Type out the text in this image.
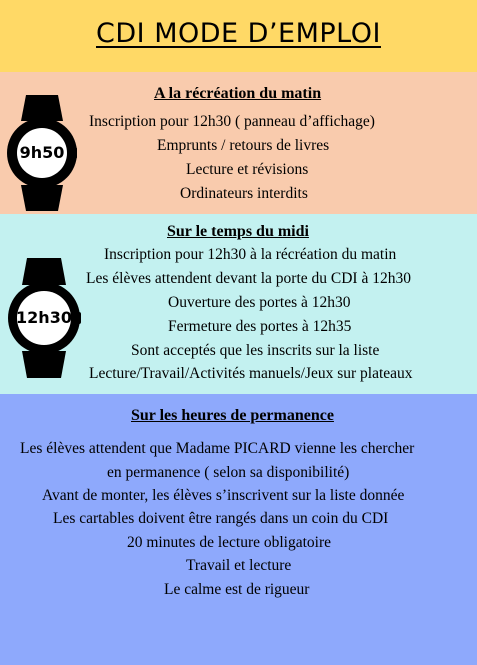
CDI MODE D’EMPLOI
9h50
A la récréation du matin
Inscription pour 12h30 ( panneau d’affichage)
Emprunts / retours de livres
Lecture et révisions
Ordinateurs interdits
12h30
Sur le temps du midi
Inscription pour 12h30 à la récréation du matin
Les élèves attendent devant la porte du CDI à 12h30
Ouverture des portes à 12h30
Fermeture des portes à 12h35
Sont acceptés que les inscrits sur la liste
Lecture/Travail/Activités manuels/Jeux sur plateaux
Sur les heures de permanence
Les élèves attendent que Madame PICARD vienne les chercher
en permanence ( selon sa disponibilité)
Avant de monter, les élèves s’inscrivent sur la liste donnée
Les cartables doivent être rangés dans un coin du CDI
20 minutes de lecture obligatoire
Travail et lecture
Le calme est de rigueur
